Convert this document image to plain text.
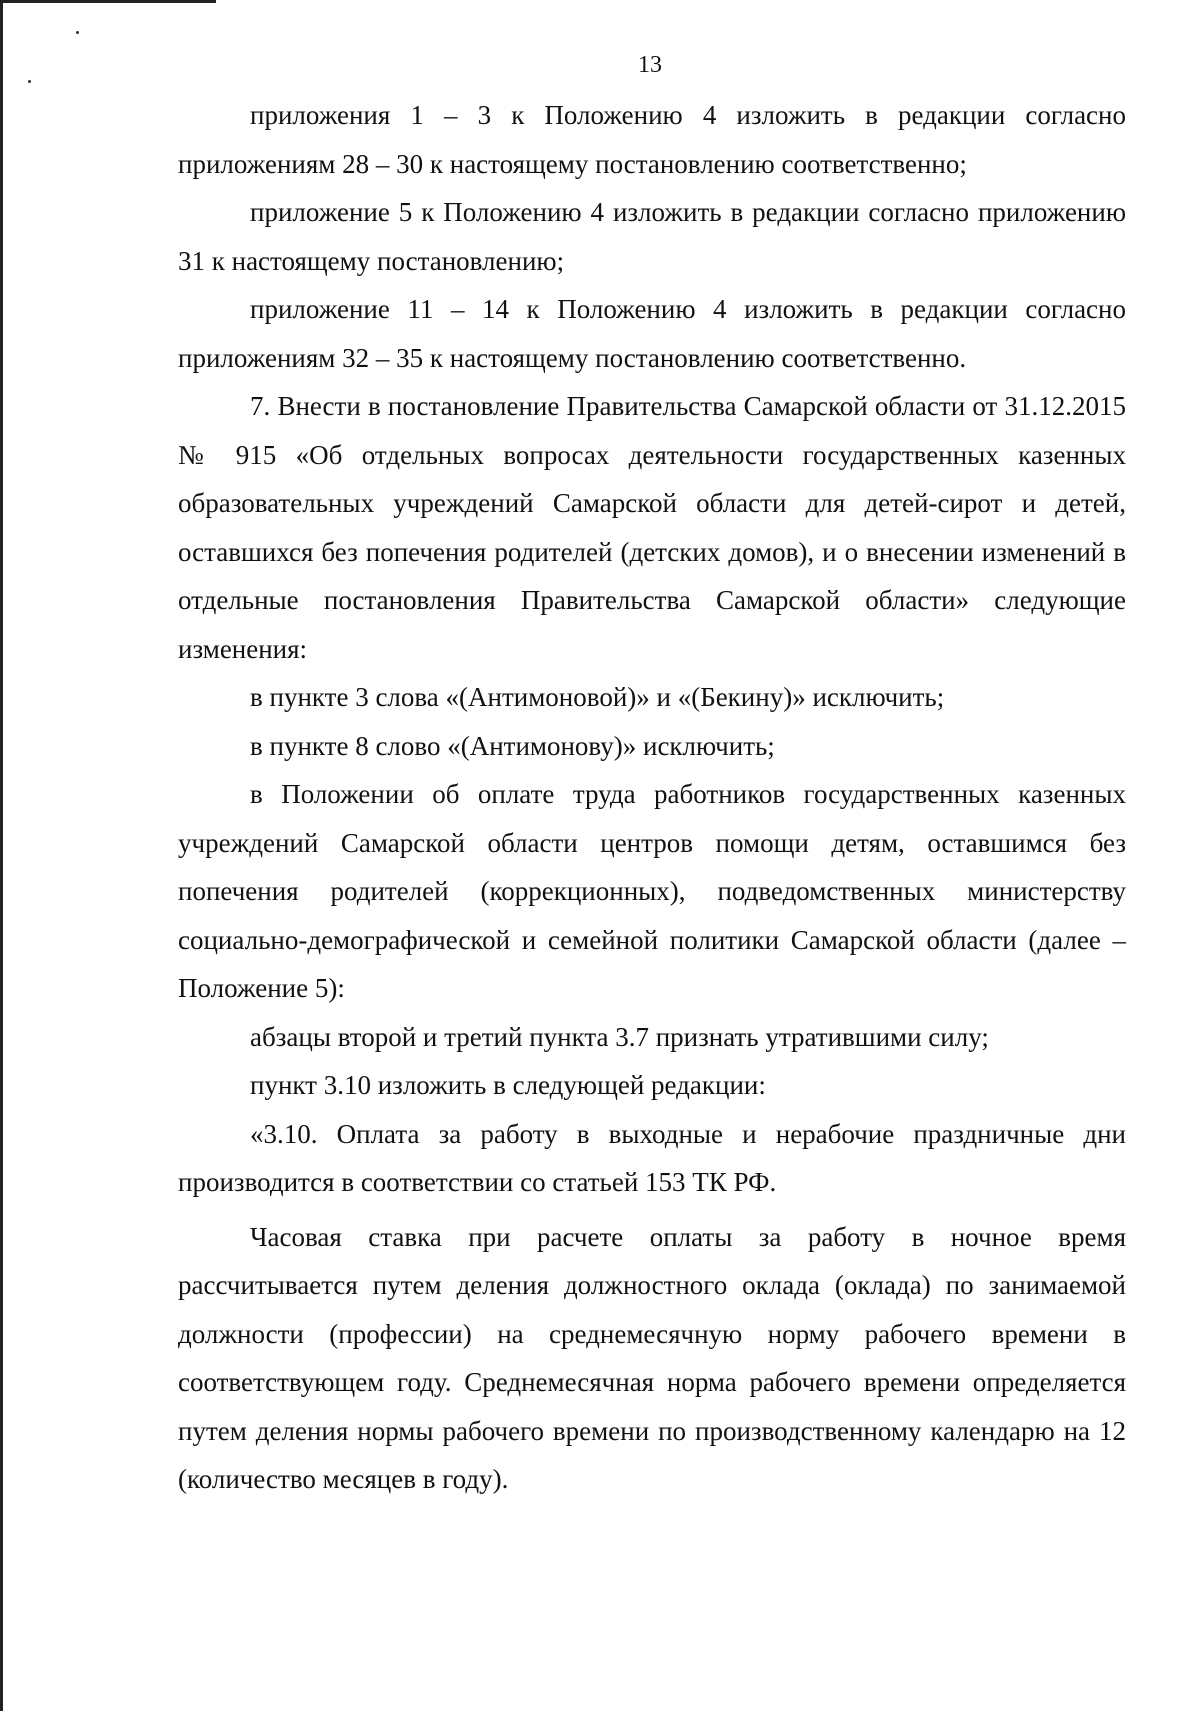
13

приложения 1 – 3 к Положению 4 изложить в редакции согласно приложениям 28 – 30 к настоящему постановлению соответственно;

приложение 5 к Положению 4 изложить в редакции согласно приложению 31 к настоящему постановлению;

приложение 11 – 14 к Положению 4 изложить в редакции согласно приложениям 32 – 35 к настоящему постановлению соответственно.

7. Внести в постановление Правительства Самарской области от 31.12.2015 № 915 «Об отдельных вопросах деятельности государственных казенных образовательных учреждений Самарской области для детей-сирот и детей, оставшихся без попечения родителей (детских домов), и о внесении изменений в отдельные постановления Правительства Самарской области» следующие изменения:

в пункте 3 слова «(Антимоновой)» и «(Бекину)» исключить;

в пункте 8 слово «(Антимонову)» исключить;

в Положении об оплате труда работников государственных казенных учреждений Самарской области центров помощи детям, оставшимся без попечения родителей (коррекционных), подведомственных министерству социально-демографической и семейной политики Самарской области (далее – Положение 5):

абзацы второй и третий пункта 3.7 признать утратившими силу;

пункт 3.10 изложить в следующей редакции:

«3.10. Оплата за работу в выходные и нерабочие праздничные дни производится в соответствии со статьей 153 ТК РФ.

Часовая ставка при расчете оплаты за работу в ночное время рассчитывается путем деления должностного оклада (оклада) по занимаемой должности (профессии) на среднемесячную норму рабочего времени в соответствующем году. Среднемесячная норма рабочего времени определяется путем деления нормы рабочего времени по производственному календарю на 12 (количество месяцев в году).
